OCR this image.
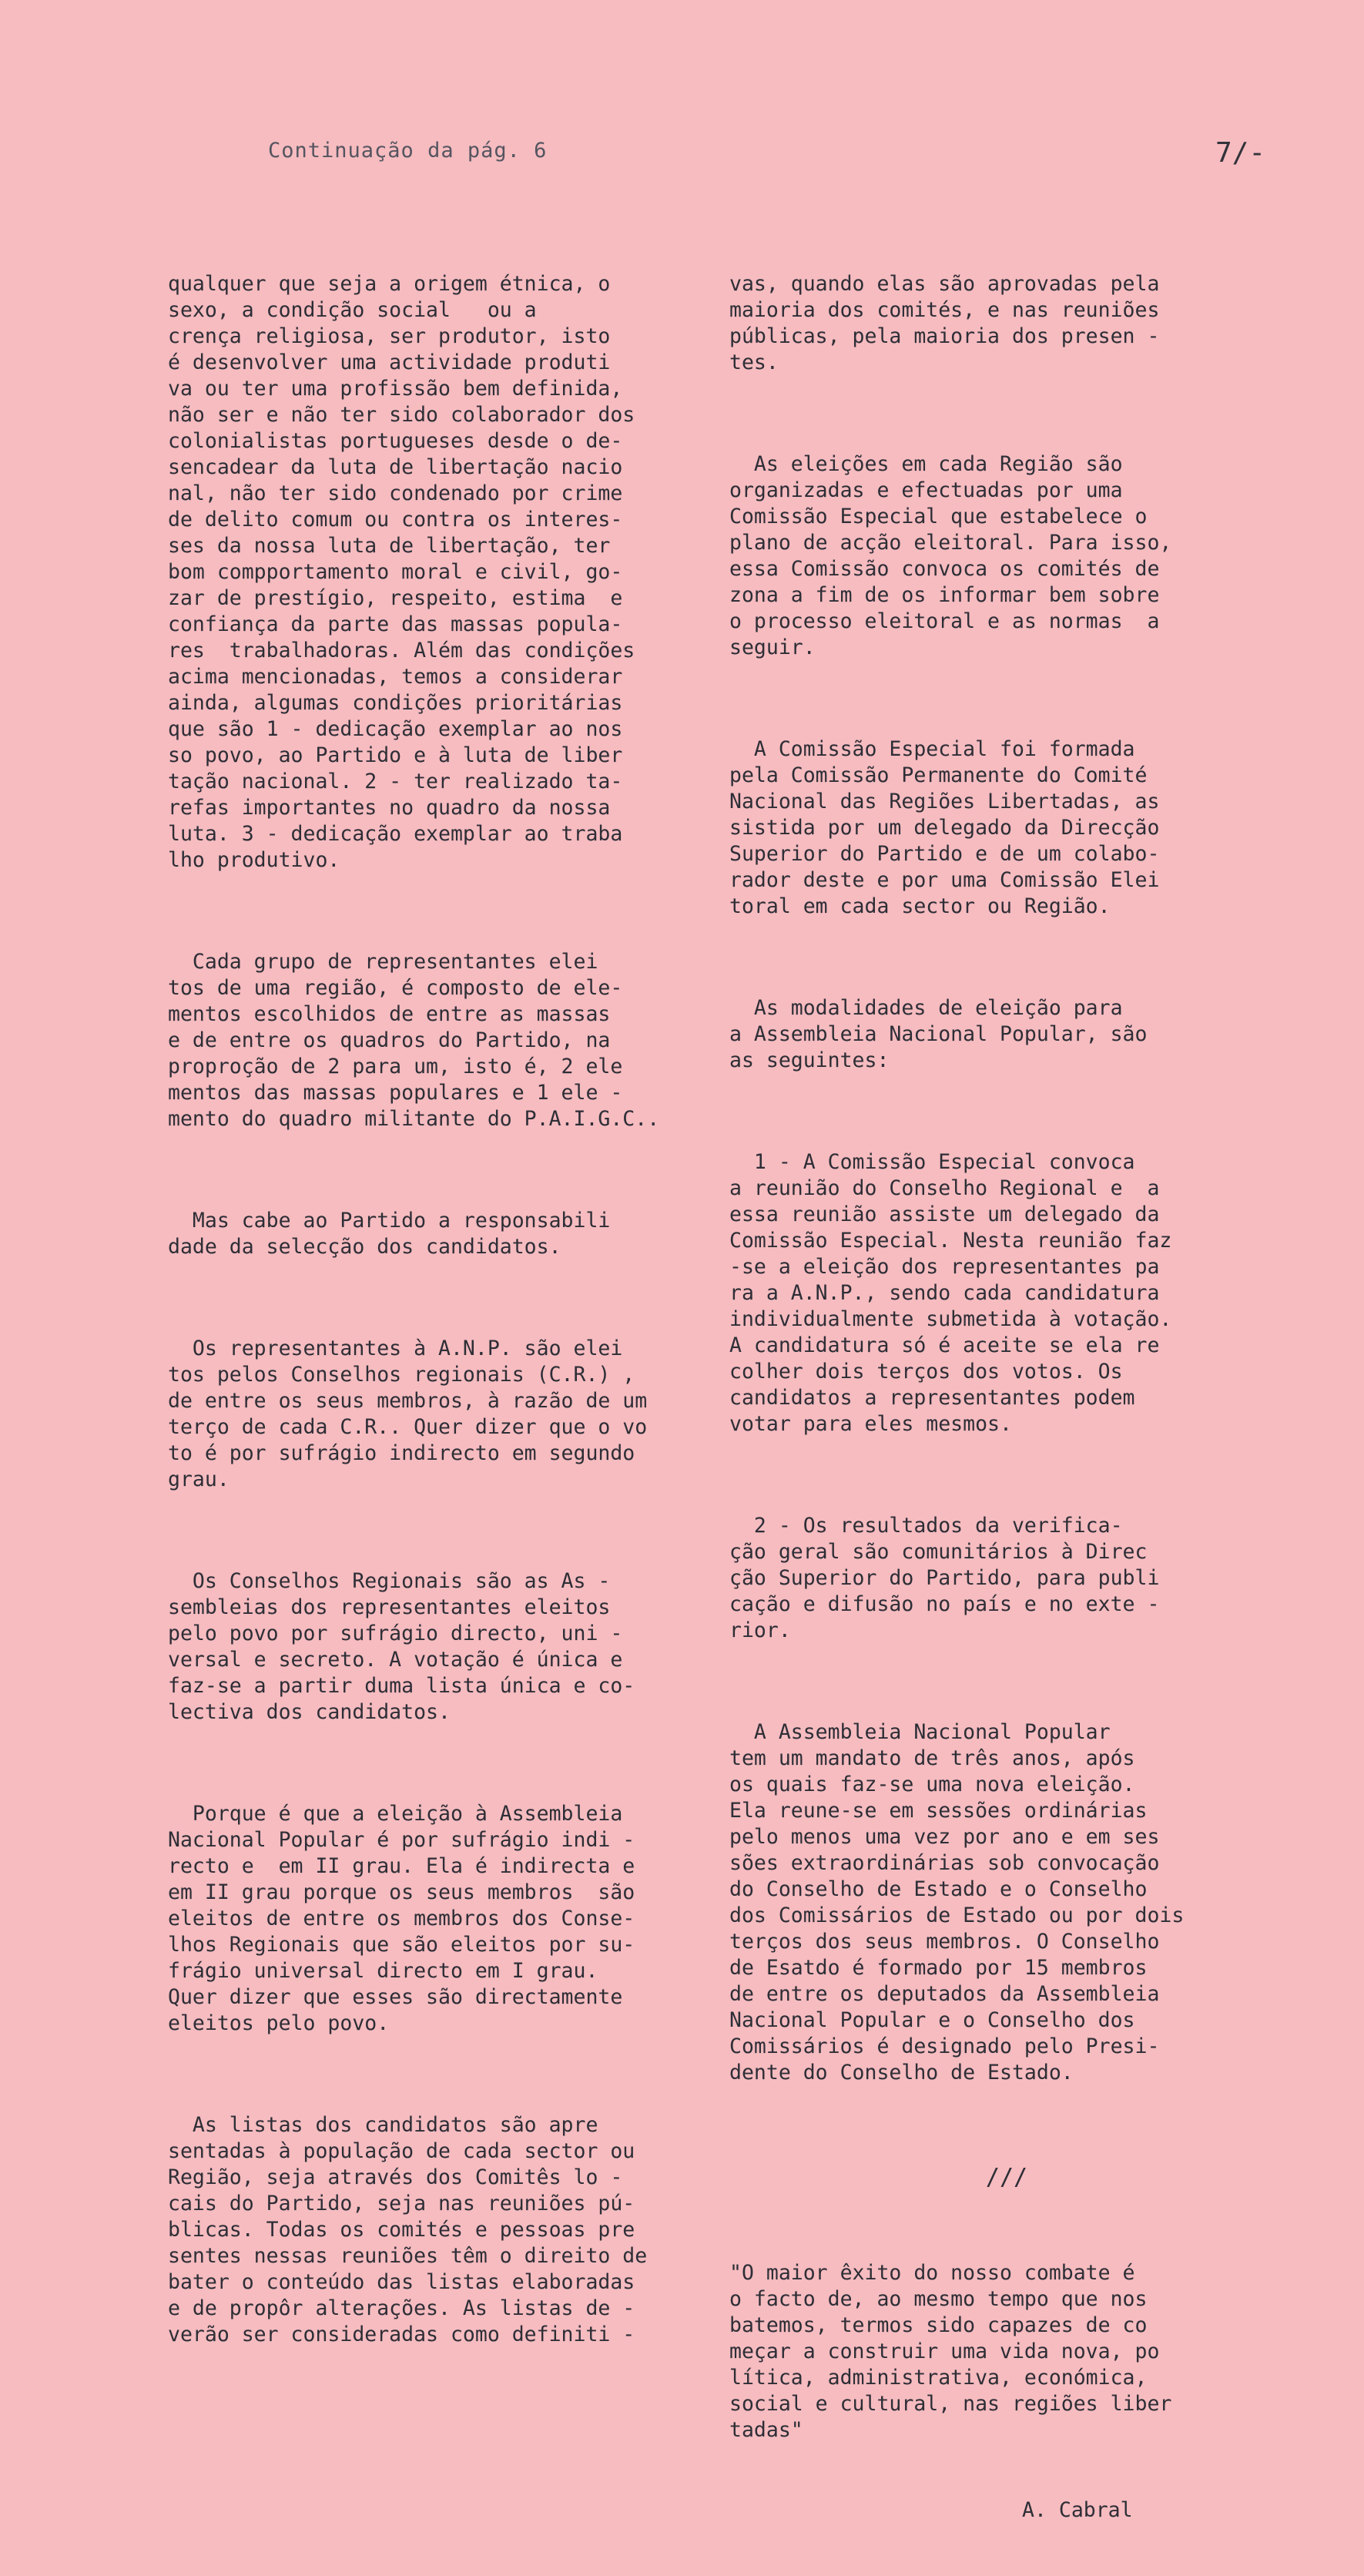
Continuação da pág. 6	7/-

qualquer que seja a origem étnica, o
sexo, a condição social   ou a
crença religiosa, ser produtor, isto
é desenvolver uma actividade produti
va ou ter uma profissão bem definida,
não ser e não ter sido colaborador dos
colonialistas portugueses desde o de-
sencadear da luta de libertação nacio
nal, não ter sido condenado por crime
de delito comum ou contra os interes-
ses da nossa luta de libertação, ter
bom compportamento moral e civil, go-
zar de prestígio, respeito, estima  e
confiança da parte das massas popula-
res  trabalhadoras. Além das condições
acima mencionadas, temos a considerar
ainda, algumas condições prioritárias
que são 1 - dedicação exemplar ao nos
so povo, ao Partido e à luta de liber
tação nacional. 2 - ter realizado ta-
refas importantes no quadro da nossa
luta. 3 - dedicação exemplar ao traba
lho produtivo.

Cada grupo de representantes elei
tos de uma região, é composto de ele-
mentos escolhidos de entre as massas
e de entre os quadros do Partido, na
proproção de 2 para um, isto é, 2 ele
mentos das massas populares e 1 ele -
mento do quadro militante do P.A.I.G.C..

Mas cabe ao Partido a responsabili
dade da selecção dos candidatos.

Os representantes à A.N.P. são elei
tos pelos Conselhos regionais (C.R.) ,
de entre os seus membros, à razão de um
terço de cada C.R.. Quer dizer que o vo
to é por sufrágio indirecto em segundo
grau.

Os Conselhos Regionais são as As -
sembleias dos representantes eleitos
pelo povo por sufrágio directo, uni -
versal e secreto. A votação é única e
faz-se a partir duma lista única e co-
lectiva dos candidatos.

Porque é que a eleição à Assembleia
Nacional Popular é por sufrágio indi -
recto e  em II grau. Ela é indirecta e
em II grau porque os seus membros  são
eleitos de entre os membros dos Conse-
lhos Regionais que são eleitos por su-
frágio universal directo em I grau.
Quer dizer que esses são directamente
eleitos pelo povo.

As listas dos candidatos são apre
sentadas à população de cada sector ou
Região, seja através dos Comitês lo -
cais do Partido, seja nas reuniões pú-
blicas. Todas os comités e pessoas pre
sentes nessas reuniões têm o direito de
bater o conteúdo das listas elaboradas
e de propôr alterações. As listas de -
verão ser consideradas como definiti -

vas, quando elas são aprovadas pela
maioria dos comités, e nas reuniões
públicas, pela maioria dos presen -
tes.

As eleições em cada Região são
organizadas e efectuadas por uma
Comissão Especial que estabelece o
plano de acção eleitoral. Para isso,
essa Comissão convoca os comités de
zona a fim de os informar bem sobre
o processo eleitoral e as normas  a
seguir.

A Comissão Especial foi formada
pela Comissão Permanente do Comité
Nacional das Regiões Libertadas, as
sistida por um delegado da Direcção
Superior do Partido e de um colabo-
rador deste e por uma Comissão Elei
toral em cada sector ou Região.

As modalidades de eleição para
a Assembleia Nacional Popular, são
as seguintes:

1 - A Comissão Especial convoca
a reunião do Conselho Regional e  a
essa reunião assiste um delegado da
Comissão Especial. Nesta reunião faz
-se a eleição dos representantes pa
ra a A.N.P., sendo cada candidatura
individualmente submetida à votação.
A candidatura só é aceite se ela re
colher dois terços dos votos. Os
candidatos a representantes podem
votar para eles mesmos.

2 - Os resultados da verifica-
ção geral são comunitários à Direc
ção Superior do Partido, para publi
cação e difusão no país e no exte -
rior.

A Assembleia Nacional Popular
tem um mandato de três anos, após
os quais faz-se uma nova eleição.
Ela reune-se em sessões ordinárias
pelo menos uma vez por ano e em ses
sões extraordinárias sob convocação
do Conselho de Estado e o Conselho
dos Comissários de Estado ou por dois
terços dos seus membros. O Conselho
de Esatdo é formado por 15 membros
de entre os deputados da Assembleia
Nacional Popular e o Conselho dos
Comissários é designado pelo Presi-
dente do Conselho de Estado.

///

"O maior êxito do nosso combate é
o facto de, ao mesmo tempo que nos
batemos, termos sido capazes de co
meçar a construir uma vida nova, po
lítica, administrativa, económica,
social e cultural, nas regiões liber
tadas"

A. Cabral
